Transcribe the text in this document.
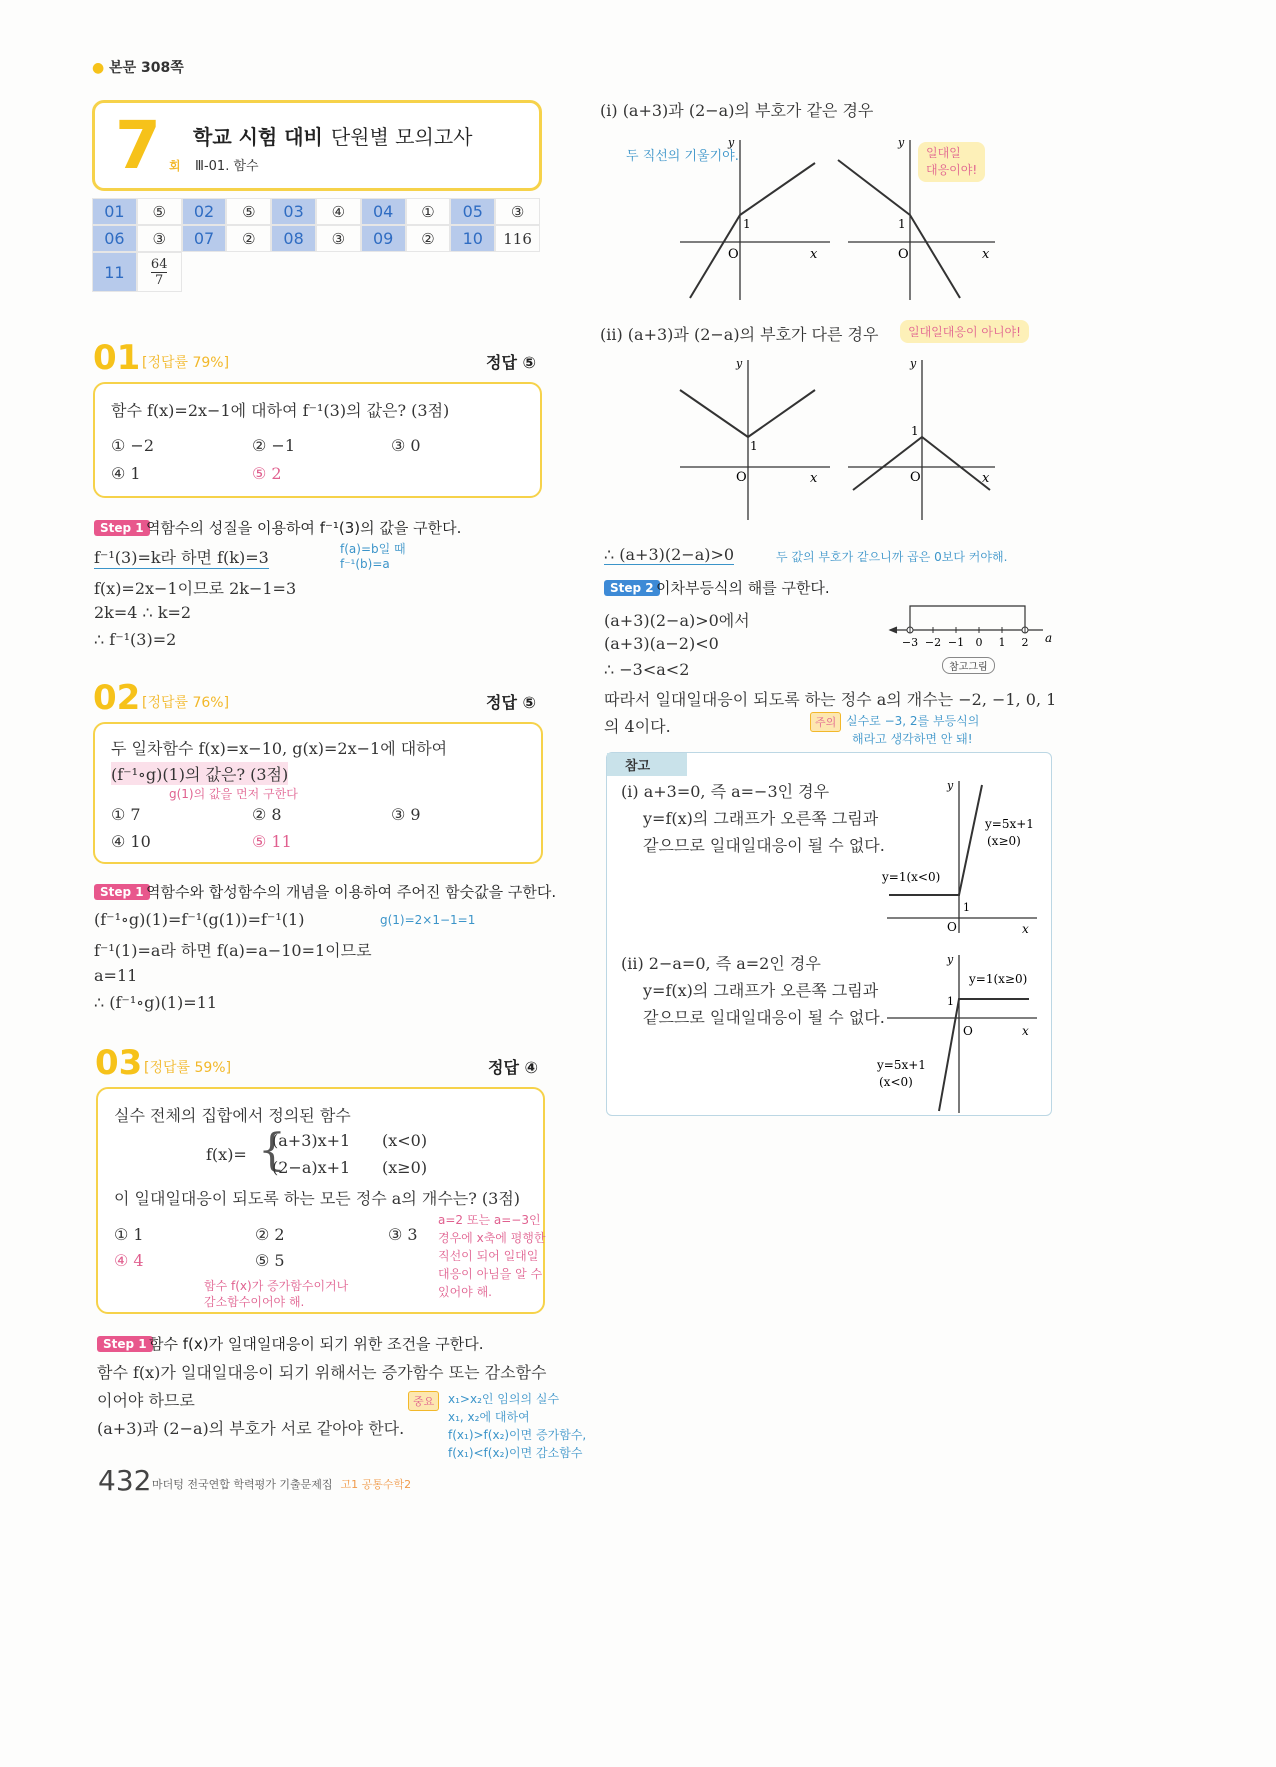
● 본문 308쪽
7 회
학교 시험 대비 단원별 모의고사
Ⅲ-01. 함수
01	⑤	02	⑤	03	④	04	①	05	③
06	③	07	②	08	③	09	②	10	116
$11 \frac{64}{7}$
01 [정답률 79%]	정답 ⑤
함수 f(x)=2x−1에 대하여 f⁻¹(3)의 값은? (3점)
① −2	② −1	③ 0
④ 1	⑤ 2
Step 1 역함수의 성질을 이용하여 f⁻¹(3)의 값을 구한다.
f⁻¹(3)=k라 하면 f(k)=3
f(x)=2x−1이므로 2k−1=3
2k=4 ∴ k=2
∴ f⁻¹(3)=2
f(a)=b일 때
f⁻¹(b)=a
02 [정답률 76%]	정답 ⑤
두 일차함수 f(x)=x−10, g(x)=2x−1에 대하여
(f⁻¹∘g)(1)의 값은? (3점)
g(1)의 값을 먼저 구한다
① 7	② 8	③ 9
④ 10	⑤ 11
Step 1 역함수와 합성함수의 개념을 이용하여 주어진 함숫값을 구한다.
(f⁻¹∘g)(1)=f⁻¹(g(1))=f⁻¹(1)	g(1)=2×1−1=1
f⁻¹(1)=a라 하면 f(a)=a−10=1이므로
a=11
∴ (f⁻¹∘g)(1)=11
03 [정답률 59%]	정답 ④
실수 전체의 집합에서 정의된 함수
f(x)= {
(a+3)x+1
(2−a)x+1
(x<0)
(x≥0)
이 일대일대응이 되도록 하는 모든 정수 a의 개수는? (3점)
① 1	② 2	③ 3
④ 4	⑤ 5
함수 f(x)가 증가함수이거나
감소함수이어야 해.
a=2 또는 a=−3인
경우에 x축에 평행한
직선이 되어 일대일
대응이 아님을 알 수
있어야 해.
Step 1 함수 f(x)가 일대일대응이 되기 위한 조건을 구한다.
함수 f(x)가 일대일대응이 되기 위해서는 증가함수 또는 감소함수
이어야 하므로
(a+3)과 (2−a)의 부호가 서로 같아야 한다.
중요	x₁>x₂인 임의의 실수
x₁, x₂에 대하여
f(x₁)>f(x₂)이면 증가함수,
f(x₁)<f(x₂)이면 감소함수
(i) (a+3)과 (2−a)의 부호가 같은 경우
두 직선의 기울기야.	일대일
대응이야!
O	x
y
1
O	x
y
1
(ii) (a+3)과 (2−a)의 부호가 다른 경우	일대일대응이 아니야!
O	x
y
1
O	x
y
1
∴ (a+3)(2−a)>0	두 값의 부호가 같으니까 곱은 0보다 커야해.
Step 2 이차부등식의 해를 구한다.
(a+3)(2−a)>0에서
(a+3)(a−2)<0
∴ −3<a<2
−3 −2 −1 0 1 2 a
참고그림
따라서 일대일대응이 되도록 하는 정수 a의 개수는 −2, −1, 0, 1
의 4이다.	주의 실수로 −3, 2를 부등식의
해라고 생각하면 안 돼!
참고
(i) a+3=0, 즉 a=−3인 경우
y=f(x)의 그래프가 오른쪽 그림과
같으므로 일대일대응이 될 수 없다.
(ii) 2−a=0, 즉 a=2인 경우
y=f(x)의 그래프가 오른쪽 그림과
같으므로 일대일대응이 될 수 없다.
O	x
y
1
y=5x+1
(x≥0)
y=1(x<0)
O	x
y
1
y=1(x≥0)
y=5x+1
(x<0)
432 마더텅 전국연합 학력평가 기출문제집 고1 공통수학2
